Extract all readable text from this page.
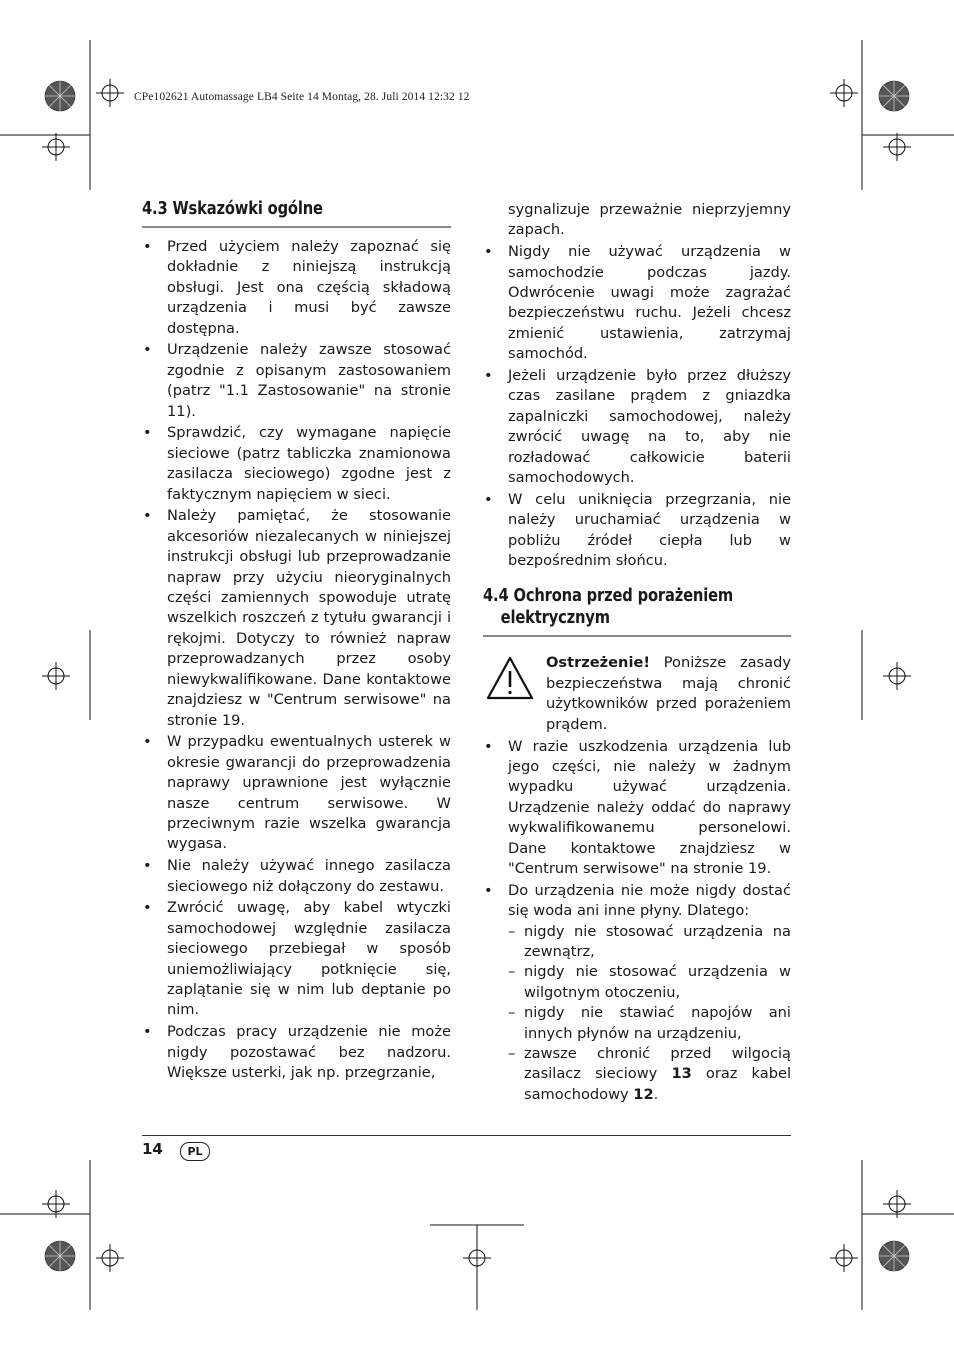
CPe102621 Automassage LB4 Seite 14 Montag, 28. Juli 2014 12:32 12
4.3 Wskazówki ogólne
• Przed użyciem należy zapoznać się dokładnie z niniejszą instrukcją obsługi. Jest ona częścią składową urządzenia i musi być zawsze dostępna.
• Urządzenie należy zawsze stosować zgodnie z opisanym zastosowaniem (patrz "1.1 Zastosowanie" na stronie 11).
• Sprawdzić, czy wymagane napięcie sieciowe (patrz tabliczka znamionowa zasilacza sieciowego) zgodne jest z faktycznym napięciem w sieci.
• Należy pamiętać, że stosowanie akcesoriów niezalecanych w niniejszej instrukcji obsługi lub przeprowadzanie napraw przy użyciu nieoryginalnych części zamiennych spowoduje utratę wszelkich roszczeń z tytułu gwarancji i rękojmi. Dotyczy to również napraw przeprowadzanych przez osoby niewykwalifikowane. Dane kontaktowe znajdziesz w "Centrum serwisowe" na stronie 19.
• W przypadku ewentualnych usterek w okresie gwarancji do przeprowadzenia naprawy uprawnione jest wyłącznie nasze centrum serwisowe. W przeciwnym razie wszelka gwarancja wygasa.
• Nie należy używać innego zasilacza sieciowego niż dołączony do zestawu.
• Zwrócić uwagę, aby kabel wtyczki samochodowej względnie zasilacza sieciowego przebiegał w sposób uniemożliwiający potknięcie się, zaplątanie się w nim lub deptanie po nim.
• Podczas pracy urządzenie nie może nigdy pozostawać bez nadzoru. Większe usterki, jak np. przegrzanie,
sygnalizuje przeważnie nieprzyjemny zapach.
• Nigdy nie używać urządzenia w samochodzie podczas jazdy. Odwrócenie uwagi może zagrażać bezpieczeństwu ruchu. Jeżeli chcesz zmienić ustawienia, zatrzymaj samochód.
• Jeżeli urządzenie było przez dłuższy czas zasilane prądem z gniazdka zapalniczki samochodowej, należy zwrócić uwagę na to, aby nie rozładować całkowicie baterii samochodowych.
• W celu uniknięcia przegrzania, nie należy uruchamiać urządzenia w pobliżu źródeł ciepła lub w bezpośrednim słońcu.
4.4 Ochrona przed porażeniem
elektrycznym
Ostrzeżenie! Poniższe zasady bezpieczeństwa mają chronić użytkowników przed porażeniem prądem.
• W razie uszkodzenia urządzenia lub jego części, nie należy w żadnym wypadku używać urządzenia. Urządzenie należy oddać do naprawy wykwalifikowanemu personelowi. Dane kontaktowe znajdziesz w "Centrum serwisowe" na stronie 19.
• Do urządzenia nie może nigdy dostać się woda ani inne płyny. Dlatego:
– nigdy nie stosować urządzenia na zewnątrz,
– nigdy nie stosować urządzenia w wilgotnym otoczeniu,
– nigdy nie stawiać napojów ani innych płynów na urządzeniu,
– zawsze chronić przed wilgocią zasilacz sieciowy 13 oraz kabel samochodowy 12.
14	PL
